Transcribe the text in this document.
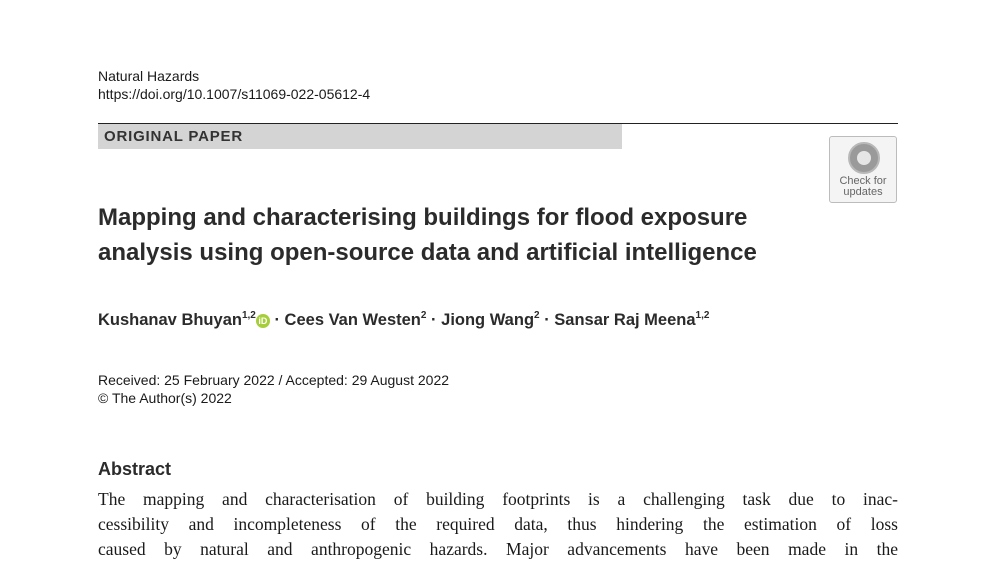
Natural Hazards
https://doi.org/10.1007/s11069-022-05612-4
ORIGINAL PAPER
Check for
updates
Mapping and characterising buildings for flood exposure
analysis using open-source data and artificial intelligence
Kushanav Bhuyan$^{1,2}$ iD · Cees Van Westen$^2$ · Jiong Wang$^2$ · Sansar Raj Meena$^{1,2}$
Received: 25 February 2022 / Accepted: 29 August 2022
© The Author(s) 2022
Abstract
The mapping and characterisation of building footprints is a challenging task due to inac-
cessibility and incompleteness of the required data, thus hindering the estimation of loss
caused by natural and anthropogenic hazards. Major advancements have been made in the
